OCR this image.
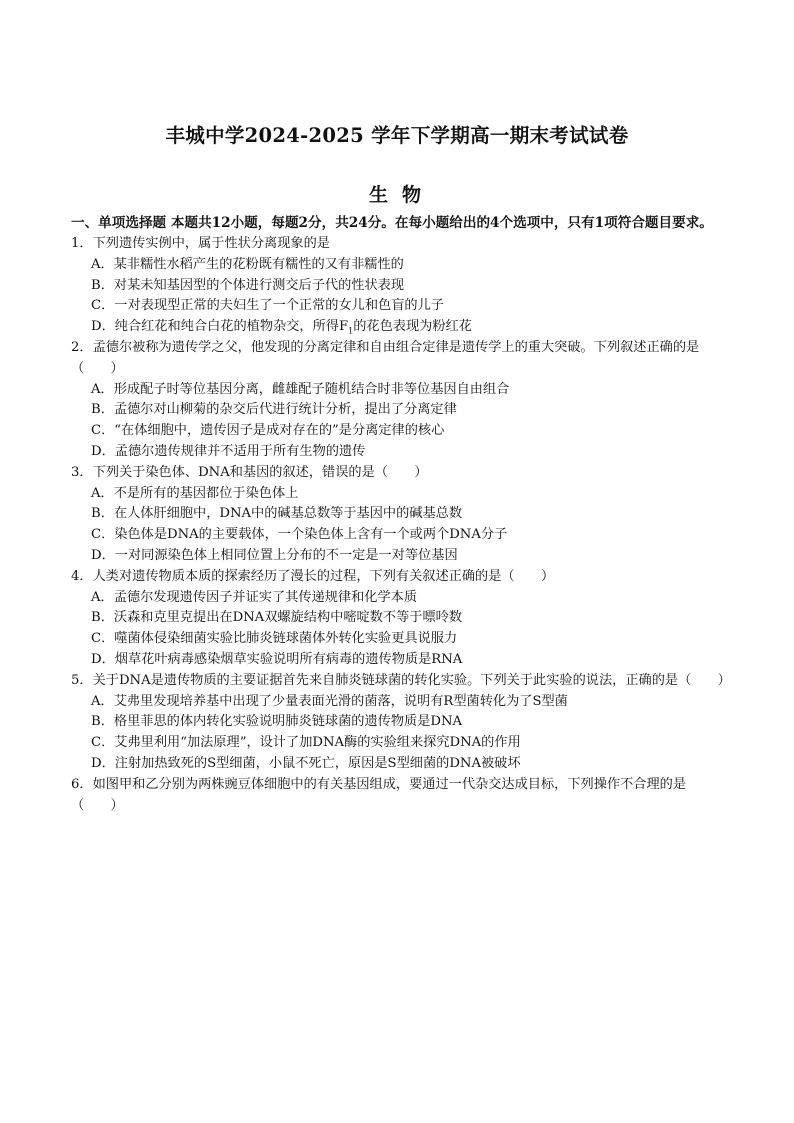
丰城中学2024-2025 学年下学期高一期末考试试卷
生物
一、单项选择题 本题共12小题，每题2分，共24分。在每小题给出的4个选项中，只有1项符合题目要求。

1．下列遗传实例中，属于性状分离现象的是

A．某非糯性水稻产生的花粉既有糯性的又有非糯性的

B．对某未知基因型的个体进行测交后子代的性状表现

C．一对表现型正常的夫妇生了一个正常的女儿和色盲的儿子

D．纯合红花和纯合白花的植物杂交，所得$F_1$的花色表现为粉红花

2．孟德尔被称为遗传学之父，他发现的分离定律和自由组合定律是遗传学上的重大突破。下列叙述正确的是（　　）

A．形成配子时等位基因分离，雌雄配子随机结合时非等位基因自由组合

B．孟德尔对山柳菊的杂交后代进行统计分析，提出了分离定律

C．“在体细胞中，遗传因子是成对存在的”是分离定律的核心

D．孟德尔遗传规律并不适用于所有生物的遗传

3．下列关于染色体、DNA和基因的叙述，错误的是（　　）

A．不是所有的基因都位于染色体上

B．在人体肝细胞中，DNA中的碱基总数等于基因中的碱基总数

C．染色体是DNA的主要载体，一个染色体上含有一个或两个DNA分子

D．一对同源染色体上相同位置上分布的不一定是一对等位基因

4．人类对遗传物质本质的探索经历了漫长的过程，下列有关叙述正确的是（　　）

A．孟德尔发现遗传因子并证实了其传递规律和化学本质

B．沃森和克里克提出在DNA双螺旋结构中嘧啶数不等于嘌呤数

C．噬菌体侵染细菌实验比肺炎链球菌体外转化实验更具说服力

D．烟草花叶病毒感染烟草实验说明所有病毒的遗传物质是RNA

5．关于DNA是遗传物质的主要证据首先来自肺炎链球菌的转化实验。下列关于此实验的说法，正确的是（　　）

A．艾弗里发现培养基中出现了少量表面光滑的菌落，说明有R型菌转化为了S型菌

B．格里菲思的体内转化实验说明肺炎链球菌的遗传物质是DNA

C．艾弗里利用“加法原理”，设计了加DNA酶的实验组来探究DNA的作用

D．注射加热致死的S型细菌，小鼠不死亡，原因是S型细菌的DNA被破坏

6．如图甲和乙分别为两株豌豆体细胞中的有关基因组成，要通过一代杂交达成目标，下列操作不合理的是（　　）
